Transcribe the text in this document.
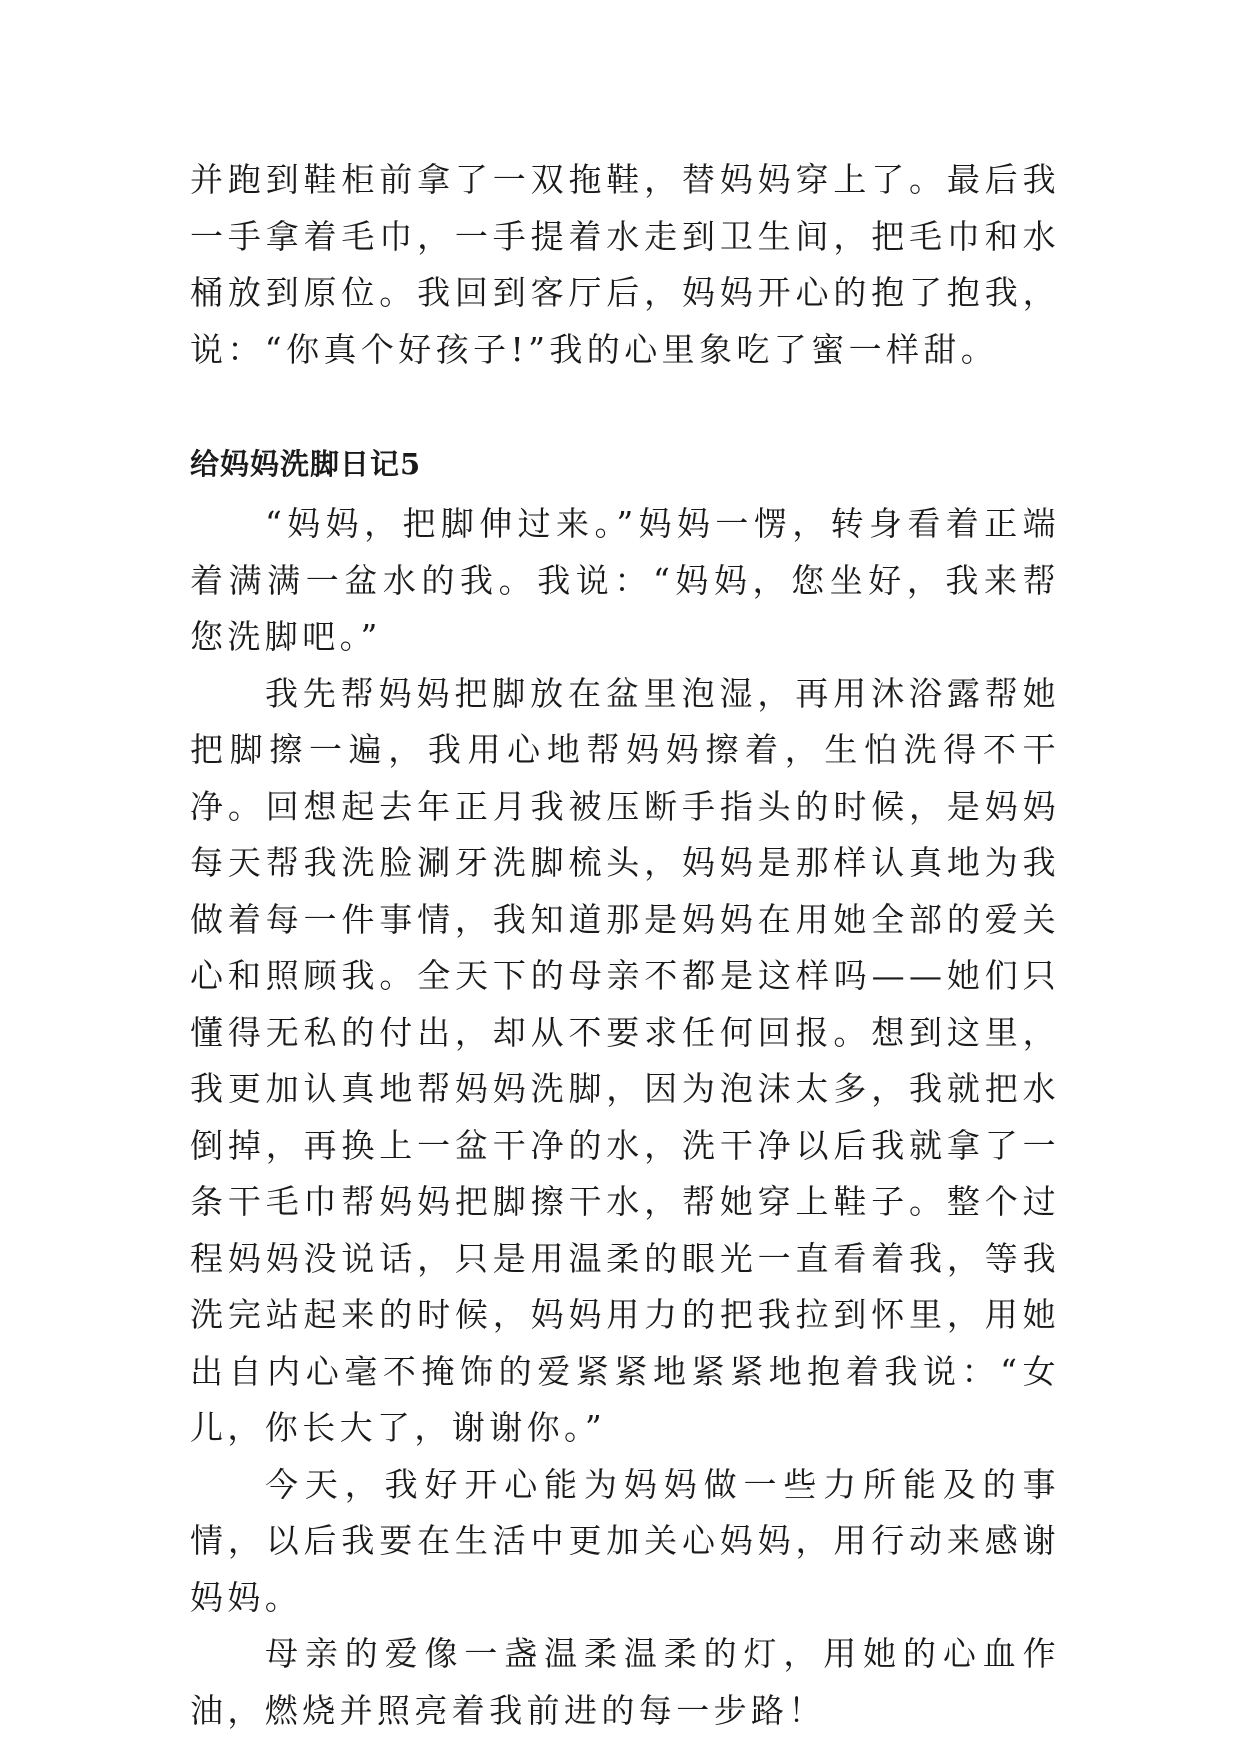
并跑到鞋柜前拿了一双拖鞋，替妈妈穿上了。最后我一手拿着毛巾，一手提着水走到卫生间，把毛巾和水桶放到原位。我回到客厅后，妈妈开心的抱了抱我，说：“你真个好孩子!”我的心里象吃了蜜一样甜。

给妈妈洗脚日记5

“妈妈，把脚伸过来。”妈妈一愣，转身看着正端着满满一盆水的我。我说：“妈妈，您坐好，我来帮您洗脚吧。”

我先帮妈妈把脚放在盆里泡湿，再用沐浴露帮她把脚擦一遍，我用心地帮妈妈擦着，生怕洗得不干净。回想起去年正月我被压断手指头的时候，是妈妈每天帮我洗脸涮牙洗脚梳头，妈妈是那样认真地为我做着每一件事情，我知道那是妈妈在用她全部的爱关心和照顾我。全天下的母亲不都是这样吗——她们只懂得无私的付出，却从不要求任何回报。想到这里，我更加认真地帮妈妈洗脚，因为泡沫太多，我就把水倒掉，再换上一盆干净的水，洗干净以后我就拿了一条干毛巾帮妈妈把脚擦干水，帮她穿上鞋子。整个过程妈妈没说话，只是用温柔的眼光一直看着我，等我洗完站起来的时候，妈妈用力的把我拉到怀里，用她出自内心毫不掩饰的爱紧紧地紧紧地抱着我说：“女儿，你长大了，谢谢你。”

今天，我好开心能为妈妈做一些力所能及的事情，以后我要在生活中更加关心妈妈，用行动来感谢妈妈。

母亲的爱像一盏温柔温柔的灯，用她的心血作油，燃烧并照亮着我前进的每一步路！
